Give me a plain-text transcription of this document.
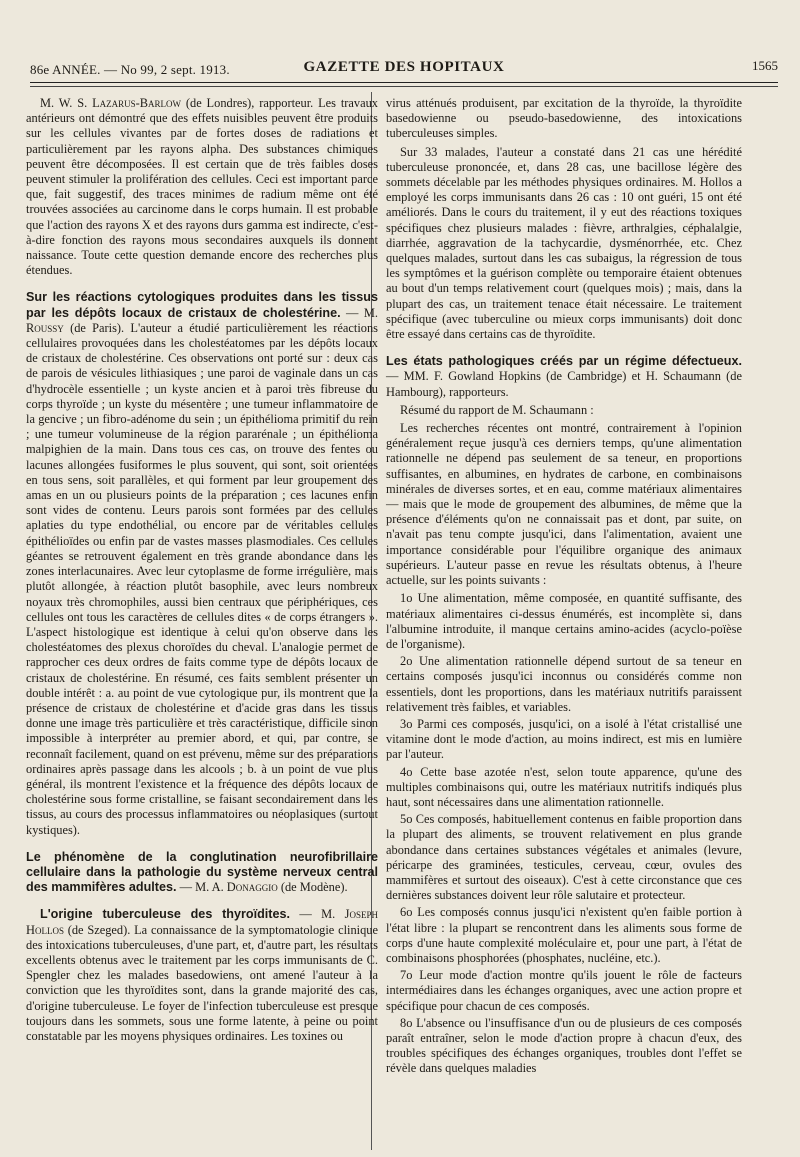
86e ANNÉE. — No 99, 2 sept. 1913.	GAZETTE DES HOPITAUX	1565

M. W. S. Lazarus-Barlow (de Londres), rapporteur. Les travaux antérieurs ont démontré que des effets nuisibles peuvent être produits sur les cellules vivantes par de fortes doses de radiations et particulièrement par les rayons alpha. Des substances chimiques peuvent être décomposées. Il est certain que de très faibles doses peuvent stimuler la prolifération des cellules. Ceci est important parce que, fait suggestif, des traces minimes de radium même ont été trouvées associées au carcinome dans le corps humain. Il est probable que l'action des rayons X et des rayons durs gamma est indirecte, c'est-à-dire fonction des rayons mous secondaires auxquels ils donnent naissance. Toute cette question demande encore des recherches plus étendues.

Sur les réactions cytologiques produites dans les tissus par les dépôts locaux de cristaux de cholestérine. — M. Roussy (de Paris). L'auteur a étudié particulièrement les réactions cellulaires provoquées dans les cholestéatomes par les dépôts locaux de cristaux de cholestérine. Ces observations ont porté sur : deux cas de parois de vésicules lithiasiques ; une paroi de vaginale dans un cas d'hydrocèle essentielle ; un kyste ancien et à paroi très fibreuse du corps thyroïde ; un kyste du mésentère ; une tumeur inflammatoire de la gencive ; un fibro-adénome du sein ; un épithélioma primitif du rein ; une tumeur volumineuse de la région pararénale ; un épithélioma malpighien de la main. Dans tous ces cas, on trouve des fentes ou lacunes allongées fusiformes le plus souvent, qui sont, soit orientées en tous sens, soit parallèles, et qui forment par leur groupement des amas en un ou plusieurs points de la préparation ; ces lacunes enfin sont vides de contenu. Leurs parois sont formées par des cellules aplaties du type endothélial, ou encore par de véritables cellules épithélioïdes ou enfin par de vastes masses plasmodiales. Ces cellules géantes se retrouvent également en très grande abondance dans les zones interlacunaires. Avec leur cytoplasme de forme irrégulière, mais plutôt allongée, à réaction plutôt basophile, avec leurs nombreux noyaux très chromophiles, aussi bien centraux que périphériques, ces cellules ont tous les caractères de cellules dites « de corps étrangers ». L'aspect histologique est identique à celui qu'on observe dans les cholestéatomes des plexus choroïdes du cheval. L'analogie permet de rapprocher ces deux ordres de faits comme type de dépôts locaux de cristaux de cholestérine. En résumé, ces faits semblent présenter un double intérêt : a. au point de vue cytologique pur, ils montrent que la présence de cristaux de cholestérine et d'acide gras dans les tissus donne une image très particulière et très caractéristique, difficile sinon impossible à interpréter au premier abord, et qui, par contre, se reconnaît facilement, quand on est prévenu, même sur des préparations ordinaires après passage dans les alcools ; b. à un point de vue plus général, ils montrent l'existence et la fréquence des dépôts locaux de cholestérine sous forme cristalline, se faisant secondairement dans les tissus, au cours des processus inflammatoires ou néoplasiques (surtout kystiques).

Le phénomène de la conglutination neurofibrillaire cellulaire dans la pathologie du système nerveux central des mammifères adultes. — M. A. Donaggio (de Modène).

L'origine tuberculeuse des thyroïdites. — M. Joseph Hollos (de Szeged). La connaissance de la symptomatologie clinique des intoxications tuberculeuses, d'une part, et, d'autre part, les résultats excellents obtenus avec le traitement par les corps immunisants de C. Spengler chez les malades basedowiens, ont amené l'auteur à la conviction que les thyroïdites sont, dans la grande majorité des cas, d'origine tuberculeuse. Le foyer de l'infection tuberculeuse est presque toujours dans les sommets, sous une forme latente, à peine ou point constatable par les moyens physiques ordinaires. Les toxines ou

virus atténués produisent, par excitation de la thyroïde, la thyroïdite basedowienne ou pseudo-basedowienne, des intoxications tuberculeuses simples.

Sur 33 malades, l'auteur a constaté dans 21 cas une hérédité tuberculeuse prononcée, et, dans 28 cas, une bacillose légère des sommets décelable par les méthodes physiques ordinaires. M. Hollos a employé les corps immunisants dans 26 cas : 10 ont guéri, 15 ont été améliorés. Dans le cours du traitement, il y eut des réactions toxiques spécifiques chez plusieurs malades : fièvre, arthralgies, céphalalgie, diarrhée, aggravation de la tachycardie, dysménorrhée, etc. Chez quelques malades, surtout dans les cas subaigus, la régression de tous les symptômes et la guérison complète ou temporaire étaient obtenues au bout d'un temps relativement court (quelques mois) ; mais, dans la plupart des cas, un traitement tenace était nécessaire. Le traitement spécifique (avec tuberculine ou mieux corps immunisants) doit donc être essayé dans certains cas de thyroïdite.

Les états pathologiques créés par un régime défectueux. — MM. F. Gowland Hopkins (de Cambridge) et H. Schaumann (de Hambourg), rapporteurs.

Résumé du rapport de M. Schaumann :

Les recherches récentes ont montré, contrairement à l'opinion généralement reçue jusqu'à ces derniers temps, qu'une alimentation rationnelle ne dépend pas seulement de sa teneur, en proportions suffisantes, en albumines, en hydrates de carbone, en combinaisons minérales de diverses sortes, et en eau, comme matériaux alimentaires — mais que le mode de groupement des albumines, de même que la présence d'éléments qu'on ne connaissait pas et dont, par suite, on n'avait pas tenu compte jusqu'ici, dans l'alimentation, avaient une importance considérable pour l'équilibre organique des animaux supérieurs. L'auteur passe en revue les résultats obtenus, à l'heure actuelle, sur les points suivants :

1o Une alimentation, même composée, en quantité suffisante, des matériaux alimentaires ci-dessus énumérés, est incomplète si, dans l'albumine introduite, il manque certains amino-acides (acyclo-poïèse de l'organisme).

2o Une alimentation rationnelle dépend surtout de sa teneur en certains composés jusqu'ici inconnus ou considérés comme non essentiels, dont les proportions, dans les matériaux nutritifs paraissent relativement très faibles, et variables.

3o Parmi ces composés, jusqu'ici, on a isolé à l'état cristallisé une vitamine dont le mode d'action, au moins indirect, est mis en lumière par l'auteur.

4o Cette base azotée n'est, selon toute apparence, qu'une des multiples combinaisons qui, outre les matériaux nutritifs indiqués plus haut, sont nécessaires dans une alimentation rationnelle.

5o Ces composés, habituellement contenus en faible proportion dans la plupart des aliments, se trouvent relativement en plus grande abondance dans certaines substances végétales et animales (levure, péricarpe des graminées, testicules, cerveau, cœur, ovules des mammifères et surtout des oiseaux). C'est à cette circonstance que ces dernières substances doivent leur rôle salutaire et protecteur.

6o Les composés connus jusqu'ici n'existent qu'en faible portion à l'état libre : la plupart se rencontrent dans les aliments sous forme de corps d'une haute complexité moléculaire et, pour une part, à l'état de combinaisons phosphorées (phosphates, nucléine, etc.).

7o Leur mode d'action montre qu'ils jouent le rôle de facteurs intermédiaires dans les échanges organiques, avec une action propre et spécifique pour chacun de ces composés.

8o L'absence ou l'insuffisance d'un ou de plusieurs de ces composés paraît entraîner, selon le mode d'action propre à chacun d'eux, des troubles spécifiques des échanges organiques, troubles dont l'effet se révèle dans quelques maladies
